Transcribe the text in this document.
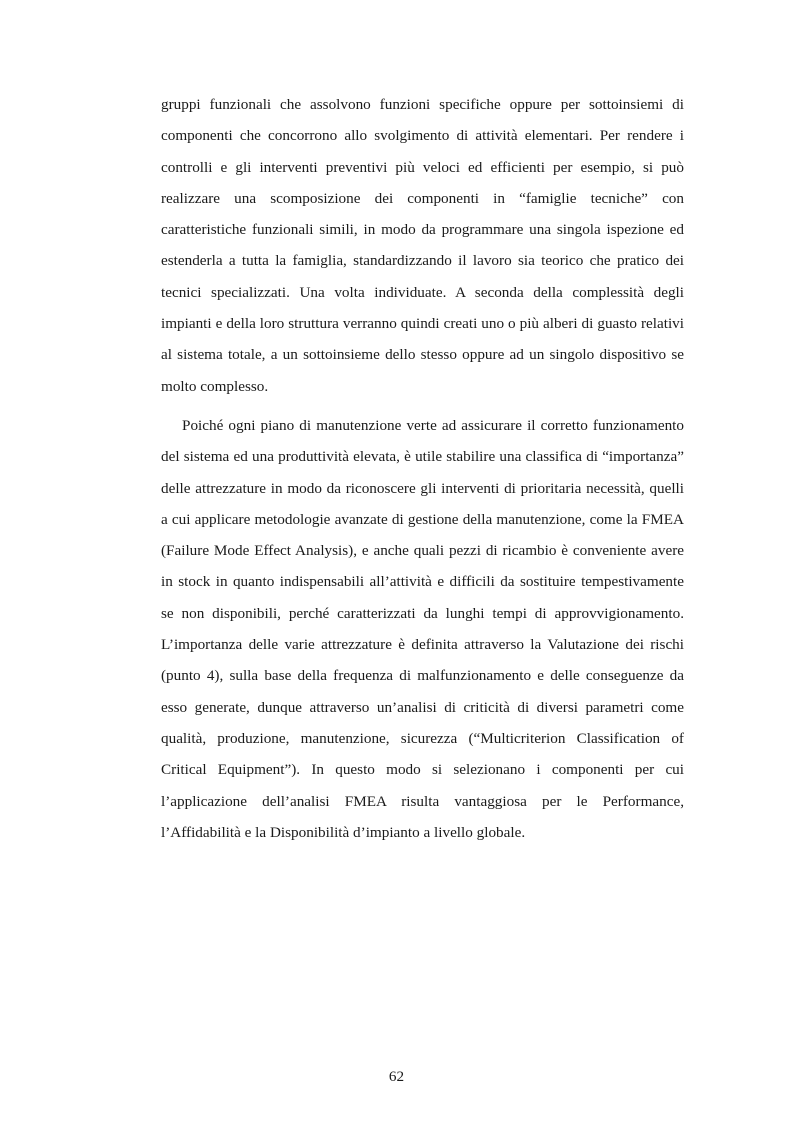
gruppi funzionali che assolvono funzioni specifiche oppure per sottoinsiemi di componenti che concorrono allo svolgimento di attività elementari. Per rendere i controlli e gli interventi preventivi più veloci ed efficienti per esempio, si può realizzare una scomposizione dei componenti in “famiglie tecniche” con caratteristiche funzionali simili, in modo da programmare una singola ispezione ed estenderla a tutta la famiglia, standardizzando il lavoro sia teorico che pratico dei tecnici specializzati. Una volta individuate. A seconda della complessità degli impianti e della loro struttura verranno quindi creati uno o più alberi di guasto relativi al sistema totale, a un sottoinsieme dello stesso oppure ad un singolo dispositivo se molto complesso.

Poiché ogni piano di manutenzione verte ad assicurare il corretto funzionamento del sistema ed una produttività elevata, è utile stabilire una classifica di “importanza” delle attrezzature in modo da riconoscere gli interventi di prioritaria necessità, quelli a cui applicare metodologie avanzate di gestione della manutenzione, come la FMEA (Failure Mode Effect Analysis), e anche quali pezzi di ricambio è conveniente avere in stock in quanto indispensabili all’attività e difficili da sostituire tempestivamente se non disponibili, perché caratterizzati da lunghi tempi di approvvigionamento. L’importanza delle varie attrezzature è definita attraverso la Valutazione dei rischi (punto 4), sulla base della frequenza di malfunzionamento e delle conseguenze da esso generate, dunque attraverso un’analisi di criticità di diversi parametri come qualità, produzione, manutenzione, sicurezza (“Multicriterion Classification of Critical Equipment”). In questo modo si selezionano i componenti per cui l’applicazione dell’analisi FMEA risulta vantaggiosa per le Performance, l’Affidabilità e la Disponibilità d’impianto a livello globale.

62
